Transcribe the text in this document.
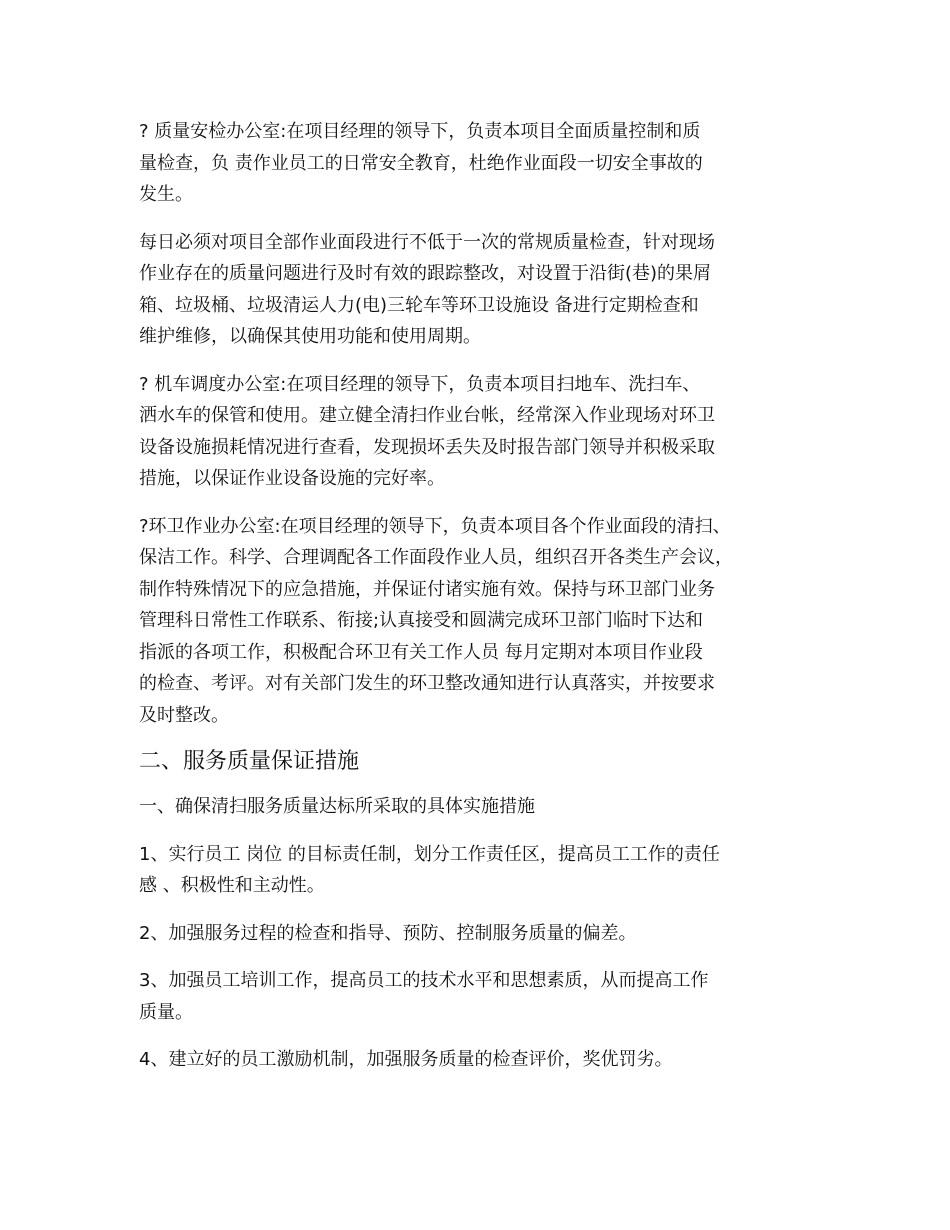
? 质量安检办公室:在项目经理的领导下，负责本项目全面质量控制和质
量检查，负 责作业员工的日常安全教育，杜绝作业面段一切安全事故的
发生。
每日必须对项目全部作业面段进行不低于一次的常规质量检查，针对现场
作业存在的质量问题进行及时有效的跟踪整改，对设置于沿街(巷)的果屑
箱、垃圾桶、垃圾清运人力(电)三轮车等环卫设施设 备进行定期检查和
维护维修，以确保其使用功能和使用周期。
? 机车调度办公室:在项目经理的领导下，负责本项目扫地车、洗扫车、
洒水车的保管和使用。建立健全清扫作业台帐，经常深入作业现场对环卫
设备设施损耗情况进行查看，发现损坏丢失及时报告部门领导并积极采取
措施，以保证作业设备设施的完好率。
?环卫作业办公室:在项目经理的领导下，负责本项目各个作业面段的清扫、
保洁工作。科学、合理调配各工作面段作业人员，组织召开各类生产会议，
制作特殊情况下的应急措施，并保证付诸实施有效。保持与环卫部门业务
管理科日常性工作联系、衔接;认真接受和圆满完成环卫部门临时下达和
指派的各项工作，积极配合环卫有关工作人员 每月定期对本项目作业段
的检查、考评。对有关部门发生的环卫整改通知进行认真落实，并按要求
及时整改。
二、服务质量保证措施
一、确保清扫服务质量达标所采取的具体实施措施
1、实行员工 岗位 的目标责任制，划分工作责任区，提高员工工作的责任
感 、积极性和主动性。
2、加强服务过程的检查和指导、预防、控制服务质量的偏差。
3、加强员工培训工作，提高员工的技术水平和思想素质，从而提高工作
质量。
4、建立好的员工激励机制，加强服务质量的检查评价，奖优罚劣。
